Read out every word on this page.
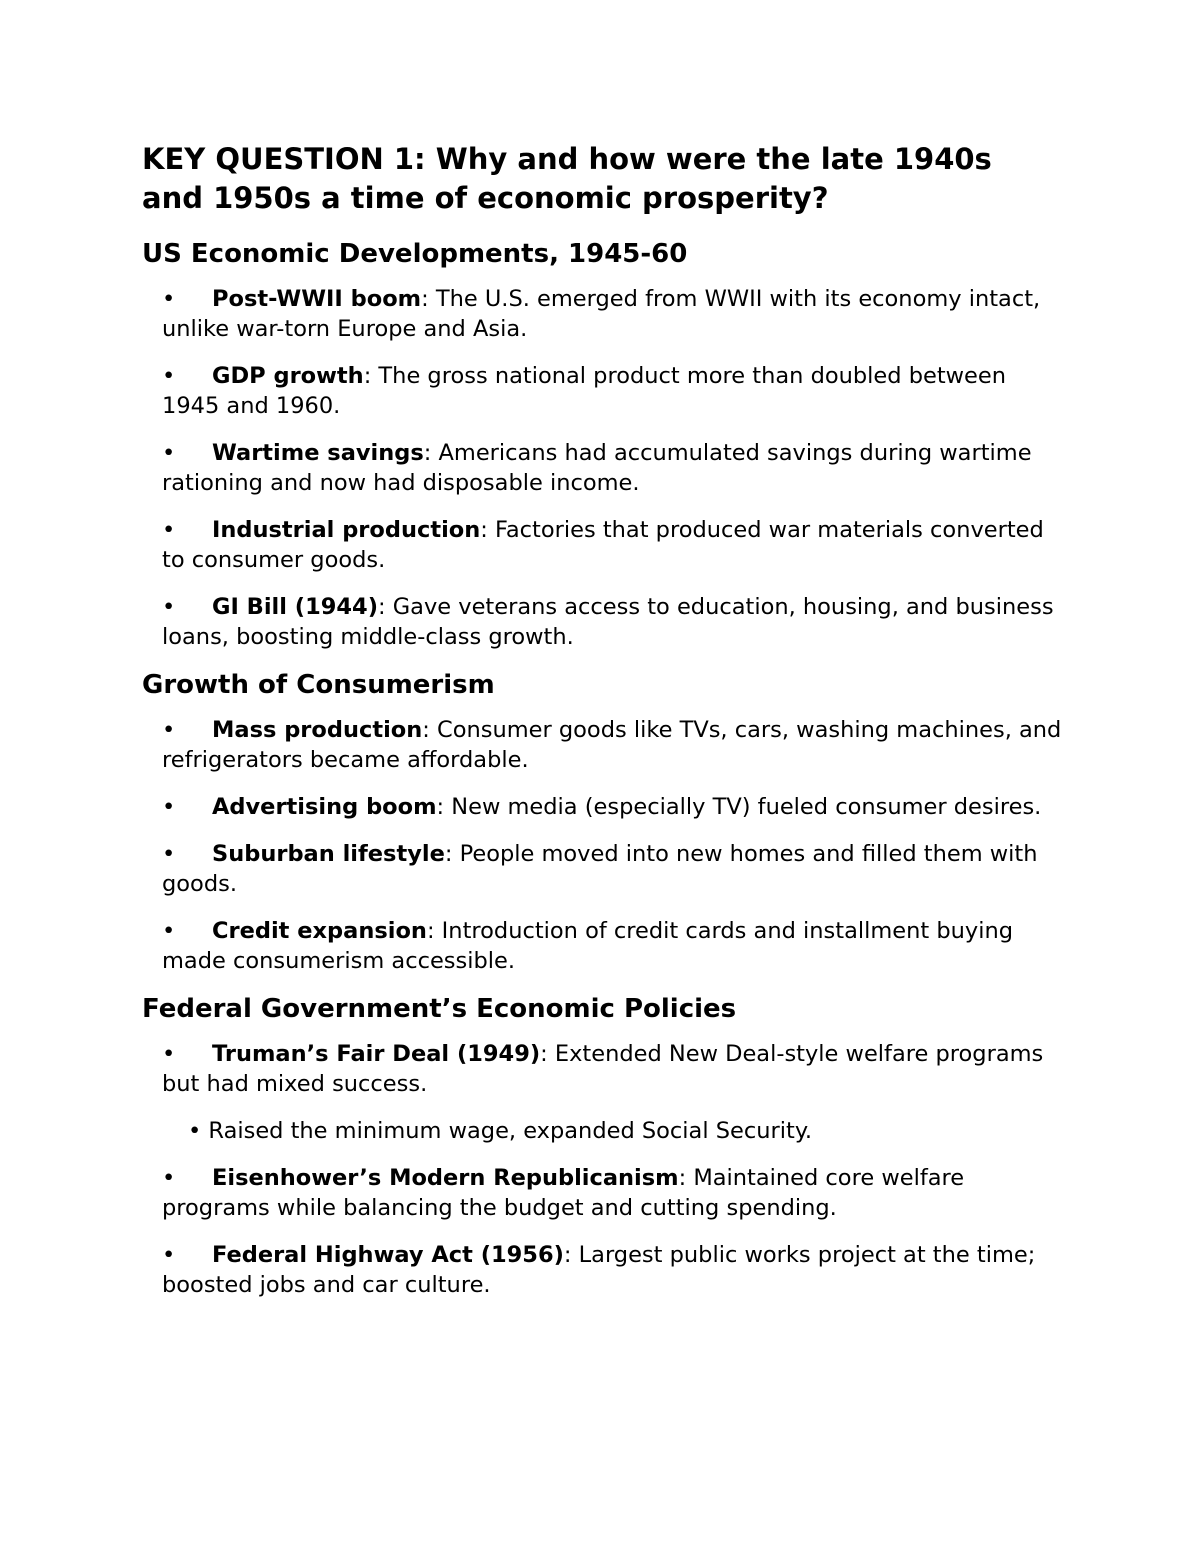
KEY QUESTION 1: Why and how were the late 1940s and 1950s a time of economic prosperity?
US Economic Developments, 1945-60
• Post-WWII boom: The U.S. emerged from WWII with its economy intact, unlike war-torn Europe and Asia.
• GDP growth: The gross national product more than doubled between 1945 and 1960.
• Wartime savings: Americans had accumulated savings during wartime rationing and now had disposable income.
• Industrial production: Factories that produced war materials converted to consumer goods.
• GI Bill (1944): Gave veterans access to education, housing, and business loans, boosting middle-class growth.
Growth of Consumerism
• Mass production: Consumer goods like TVs, cars, washing machines, and refrigerators became affordable.
• Advertising boom: New media (especially TV) fueled consumer desires.
• Suburban lifestyle: People moved into new homes and filled them with goods.
• Credit expansion: Introduction of credit cards and installment buying made consumerism accessible.
Federal Government’s Economic Policies
• Truman’s Fair Deal (1949): Extended New Deal-style welfare programs but had mixed success.
• Raised the minimum wage, expanded Social Security.
• Eisenhower’s Modern Republicanism: Maintained core welfare programs while balancing the budget and cutting spending.
• Federal Highway Act (1956): Largest public works project at the time; boosted jobs and car culture.
